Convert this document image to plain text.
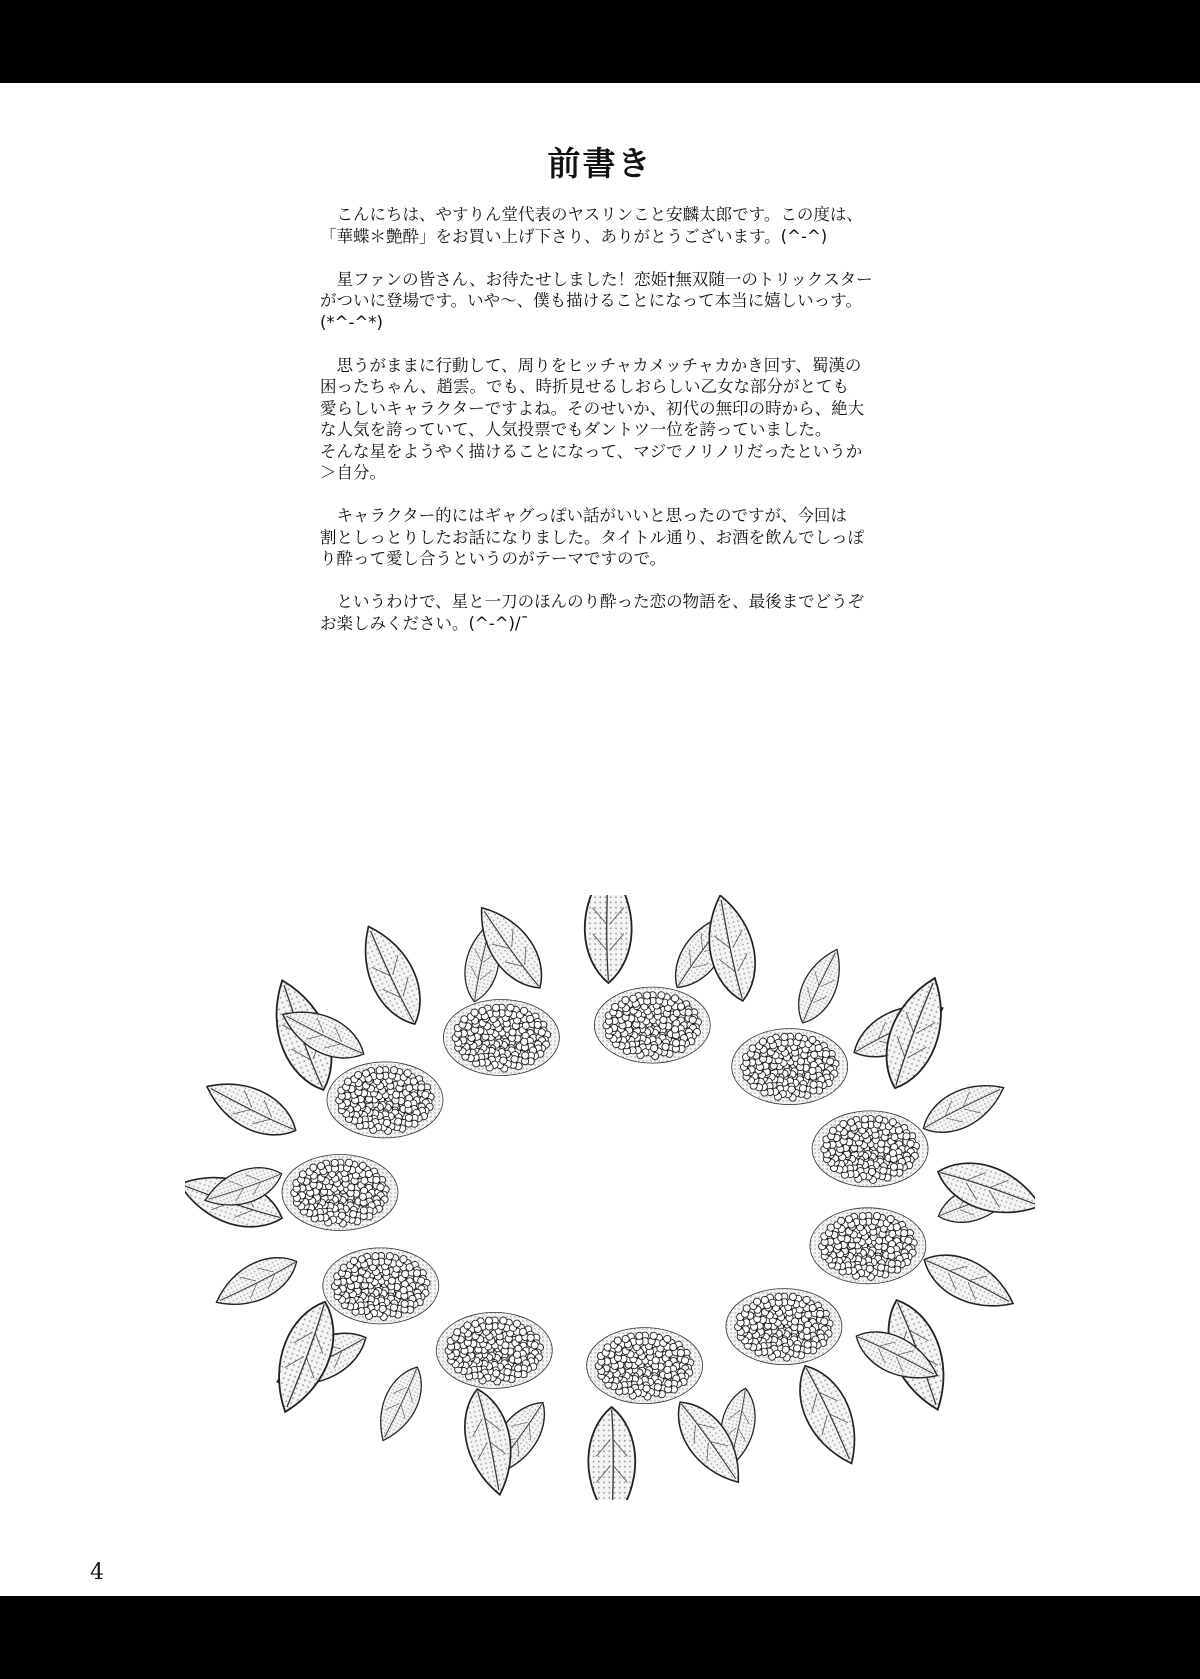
前書き

　こんにちは、やすりん堂代表のヤスリンこと安麟太郎です。この度は、
「華蝶＊艶酔」をお買い上げ下さり、ありがとうございます。(^-^)

　星ファンの皆さん、お待たせしました！恋姫†無双随一のトリックスター
がついに登場です。いや～、僕も描けることになって本当に嬉しいっす。
(*^-^*)

　思うがままに行動して、周りをヒッチャカメッチャカかき回す、蜀漢の
困ったちゃん、趙雲。でも、時折見せるしおらしい乙女な部分がとても
愛らしいキャラクターですよね。そのせいか、初代の無印の時から、絶大
な人気を誇っていて、人気投票でもダントツ一位を誇っていました。
そんな星をようやく描けることになって、マジでノリノリだったというか
＞自分。

　キャラクター的にはギャグっぽい話がいいと思ったのですが、今回は
割としっとりしたお話になりました。タイトル通り、お酒を飲んでしっぽ
り酔って愛し合うというのがテーマですので。

　というわけで、星と一刀のほんのり酔った恋の物語を、最後までどうぞ
お楽しみください。(^-^)/¯

4
